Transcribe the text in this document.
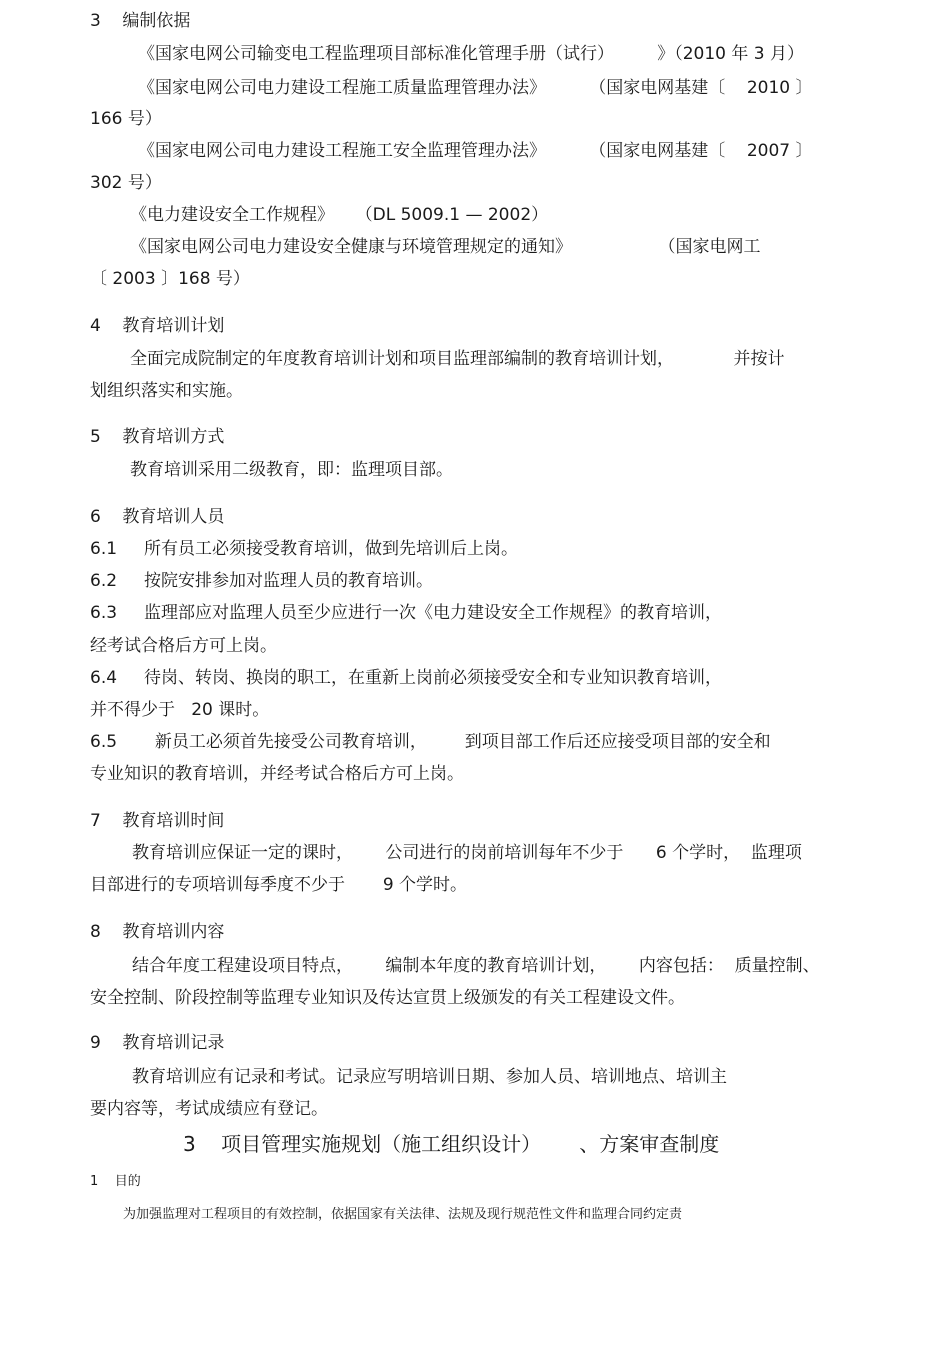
3    编制依据
《国家电网公司输变电工程监理项目部标准化管理手册（试行）        》（2010 年 3 月）
《国家电网公司电力建设工程施工质量监理管理办法》        （国家电网基建〔    2010 〕
166 号）
《国家电网公司电力建设工程施工安全监理管理办法》        （国家电网基建〔    2007 〕
302 号）
《电力建设安全工作规程》    （DL 5009.1 — 2002）
《国家电网公司电力建设安全健康与环境管理规定的通知》                （国家电网工
〔 2003 〕168 号）
4    教育培训计划
全面完成院制定的年度教育培训计划和项目监理部编制的教育培训计划，           并按计
划组织落实和实施。
5    教育培训方式
教育培训采用二级教育，即：监理项目部。
6    教育培训人员
6.1     所有员工必须接受教育培训，做到先培训后上岗。
6.2     按院安排参加对监理人员的教育培训。
6.3     监理部应对监理人员至少应进行一次《电力建设安全工作规程》的教育培训，
经考试合格后方可上岗。
6.4     待岗、转岗、换岗的职工，在重新上岗前必须接受安全和专业知识教育培训，
并不得少于   20 课时。
6.5       新员工必须首先接受公司教育培训，       到项目部工作后还应接受项目部的安全和
专业知识的教育培训，并经考试合格后方可上岗。
7    教育培训时间
教育培训应保证一定的课时，      公司进行的岗前培训每年不少于      6 个学时，  监理项
目部进行的专项培训每季度不少于       9 个学时。
8    教育培训内容
结合年度工程建设项目特点，      编制本年度的教育培训计划，      内容包括：  质量控制、
安全控制、阶段控制等监理专业知识及传达宣贯上级颁发的有关工程建设文件。
9    教育培训记录
教育培训应有记录和考试。记录应写明培训日期、参加人员、培训地点、培训主
要内容等，考试成绩应有登记。
3    项目管理实施规划（施工组织设计）      、方案审查制度
1    目的
为加强监理对工程项目的有效控制，依据国家有关法律、法规及现行规范性文件和监理合同约定责
